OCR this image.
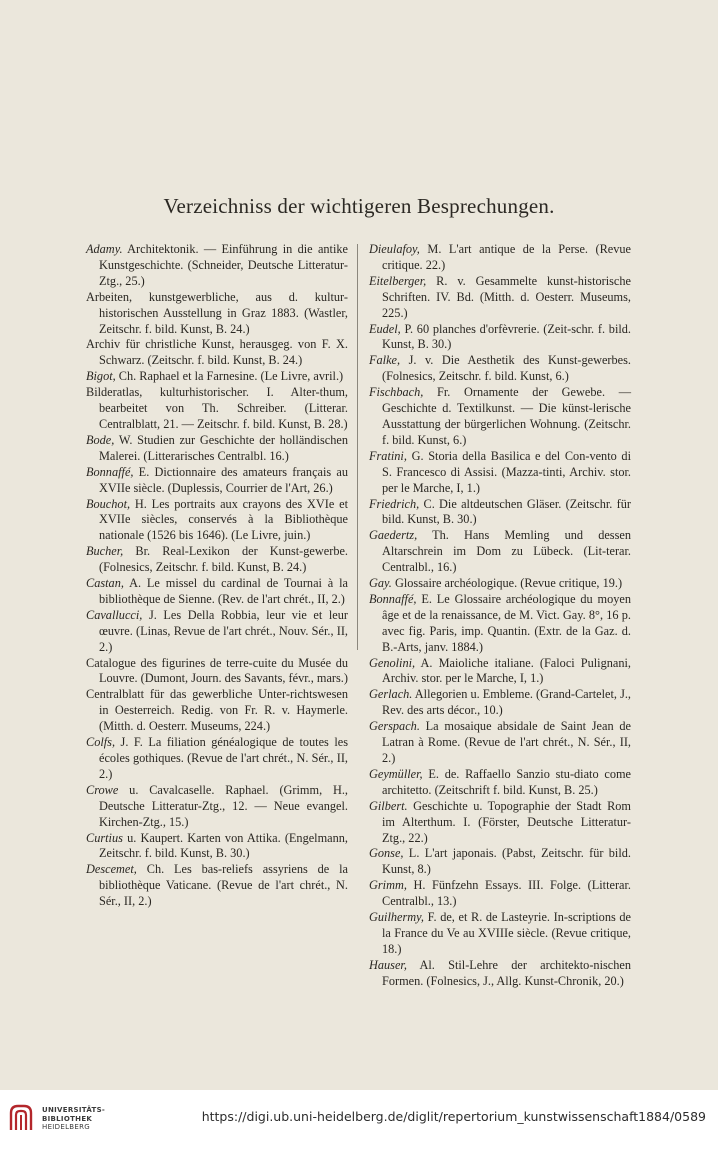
Verzeichniss der wichtigeren Besprechungen.

Adamy. Architektonik. — Einführung in die antike Kunstgeschichte. (Schneider, Deutsche Litteratur-Ztg., 25.)

Arbeiten, kunstgewerbliche, aus d. kultur-historischen Ausstellung in Graz 1883. (Wastler, Zeitschr. f. bild. Kunst, B. 24.)

Archiv für christliche Kunst, herausgeg. von F. X. Schwarz. (Zeitschr. f. bild. Kunst, B. 24.)

Bigot, Ch. Raphael et la Farnesine. (Le Livre, avril.)

Bilderatlas, kulturhistorischer. I. Alter-thum, bearbeitet von Th. Schreiber. (Litterar. Centralblatt, 21. — Zeitschr. f. bild. Kunst, B. 28.)

Bode, W. Studien zur Geschichte der holländischen Malerei. (Litterarisches Centralbl. 16.)

Bonnaffé, E. Dictionnaire des amateurs français au XVIIe siècle. (Duplessis, Courrier de l'Art, 26.)

Bouchot, H. Les portraits aux crayons des XVIe et XVIIe siècles, conservés à la Bibliothèque nationale (1526 bis 1646). (Le Livre, juin.)

Bucher, Br. Real-Lexikon der Kunst-gewerbe. (Folnesics, Zeitschr. f. bild. Kunst, B. 24.)

Castan, A. Le missel du cardinal de Tournai à la bibliothèque de Sienne. (Rev. de l'art chrét., II, 2.)

Cavallucci, J. Les Della Robbia, leur vie et leur œuvre. (Linas, Revue de l'art chrét., Nouv. Sér., II, 2.)

Catalogue des figurines de terre-cuite du Musée du Louvre. (Dumont, Journ. des Savants, févr., mars.)

Centralblatt für das gewerbliche Unter-richtswesen in Oesterreich. Redig. von Fr. R. v. Haymerle. (Mitth. d. Oesterr. Museums, 224.)

Colfs, J. F. La filiation généalogique de toutes les écoles gothiques. (Revue de l'art chrét., N. Sér., II, 2.)

Crowe u. Cavalcaselle. Raphael. (Grimm, H., Deutsche Litteratur-Ztg., 12. — Neue evangel. Kirchen-Ztg., 15.)

Curtius u. Kaupert. Karten von Attika. (Engelmann, Zeitschr. f. bild. Kunst, B. 30.)

Descemet, Ch. Les bas-reliefs assyriens de la bibliothèque Vaticane. (Revue de l'art chrét., N. Sér., II, 2.)

Dieulafoy, M. L'art antique de la Perse. (Revue critique. 22.)

Eitelberger, R. v. Gesammelte kunst-historische Schriften. IV. Bd. (Mitth. d. Oesterr. Museums, 225.)

Eudel, P. 60 planches d'orfèvrerie. (Zeit-schr. f. bild. Kunst, B. 30.)

Falke, J. v. Die Aesthetik des Kunst-gewerbes. (Folnesics, Zeitschr. f. bild. Kunst, 6.)

Fischbach, Fr. Ornamente der Gewebe. — Geschichte d. Textilkunst. — Die künst-lerische Ausstattung der bürgerlichen Wohnung. (Zeitschr. f. bild. Kunst, 6.)

Fratini, G. Storia della Basilica e del Con-vento di S. Francesco di Assisi. (Mazza-tinti, Archiv. stor. per le Marche, I, 1.)

Friedrich, C. Die altdeutschen Gläser. (Zeitschr. für bild. Kunst, B. 30.)

Gaedertz, Th. Hans Memling und dessen Altarschrein im Dom zu Lübeck. (Lit-terar. Centralbl., 16.)

Gay. Glossaire archéologique. (Revue critique, 19.)

Bonnaffé, E. Le Glossaire archéologique du moyen âge et de la renaissance, de M. Vict. Gay. 8°, 16 p. avec fig. Paris, imp. Quantin. (Extr. de la Gaz. d. B.-Arts, janv. 1884.)

Genolini, A. Maioliche italiane. (Faloci Pulignani, Archiv. stor. per le Marche, I, 1.)

Gerlach. Allegorien u. Embleme. (Grand-Cartelet, J., Rev. des arts décor., 10.)

Gerspach. La mosaique absidale de Saint Jean de Latran à Rome. (Revue de l'art chrét., N. Sér., II, 2.)

Geymüller, E. de. Raffaello Sanzio stu-diato come architetto. (Zeitschrift f. bild. Kunst, B. 25.)

Gilbert. Geschichte u. Topographie der Stadt Rom im Alterthum. I. (Förster, Deutsche Litteratur-Ztg., 22.)

Gonse, L. L'art japonais. (Pabst, Zeitschr. für bild. Kunst, 8.)

Grimm, H. Fünfzehn Essays. III. Folge. (Litterar. Centralbl., 13.)

Guilhermy, F. de, et R. de Lasteyrie. In-scriptions de la France du Ve au XVIIIe siècle. (Revue critique, 18.)

Hauser, Al. Stil-Lehre der architekto-nischen Formen. (Folnesics, J., Allg. Kunst-Chronik, 20.)

UNIVERSITÄTS-
BIBLIOTHEK
HEIDELBERG
https://digi.ub.uni-heidelberg.de/diglit/repertorium_kunstwissenschaft1884/0589
